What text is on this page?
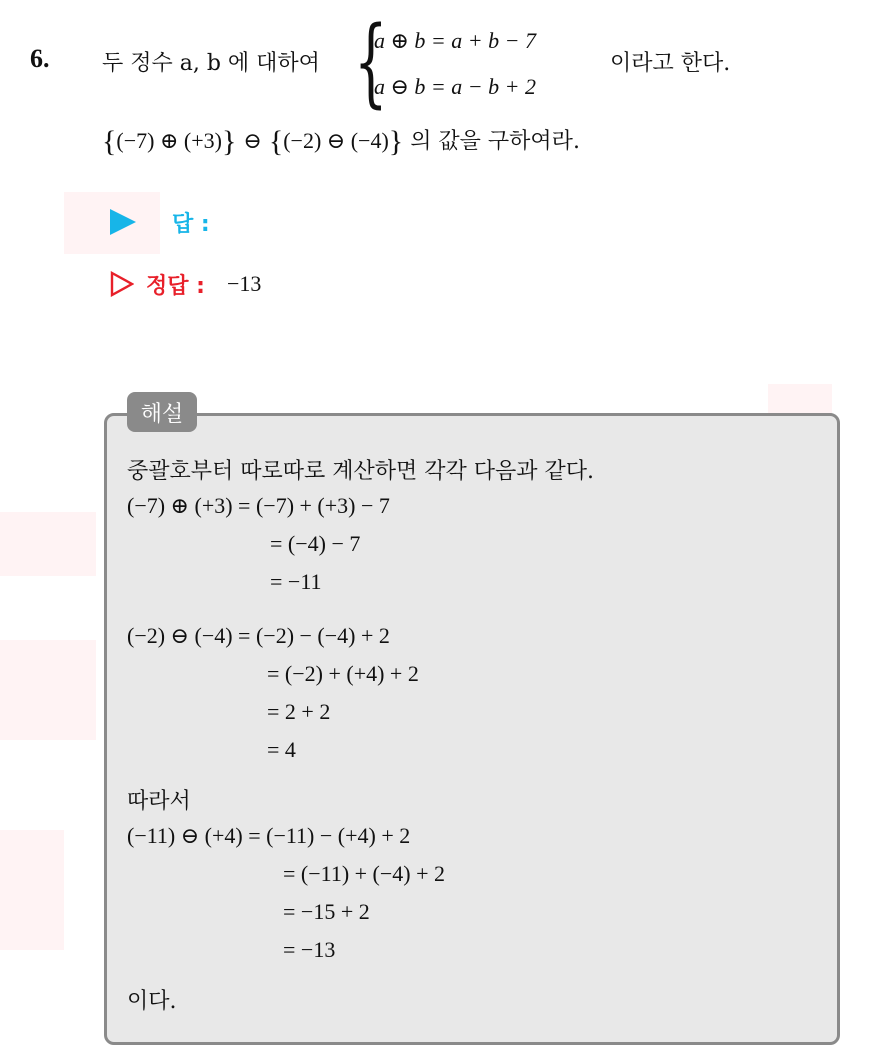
6. 두 정수 a, b 에 대하여 {
a ⊕ b = a + b − 7
a ⊖ b = a − b + 2
이라고 한다.
{(−7) ⊕ (+3)} ⊖ {(−2) ⊖ (−4)} 의 값을 구하여라.
답 :
정답 : −13
해설
중괄호부터 따로따로 계산하면 각각 다음과 같다.
(−7) ⊕ (+3) = (−7) + (+3) − 7
= (−4) − 7
= −11
(−2) ⊖ (−4) = (−2) − (−4) + 2
= (−2) + (+4) + 2
= 2 + 2
= 4
따라서
(−11) ⊖ (+4) = (−11) − (+4) + 2
= (−11) + (−4) + 2
= −15 + 2
= −13
이다.
